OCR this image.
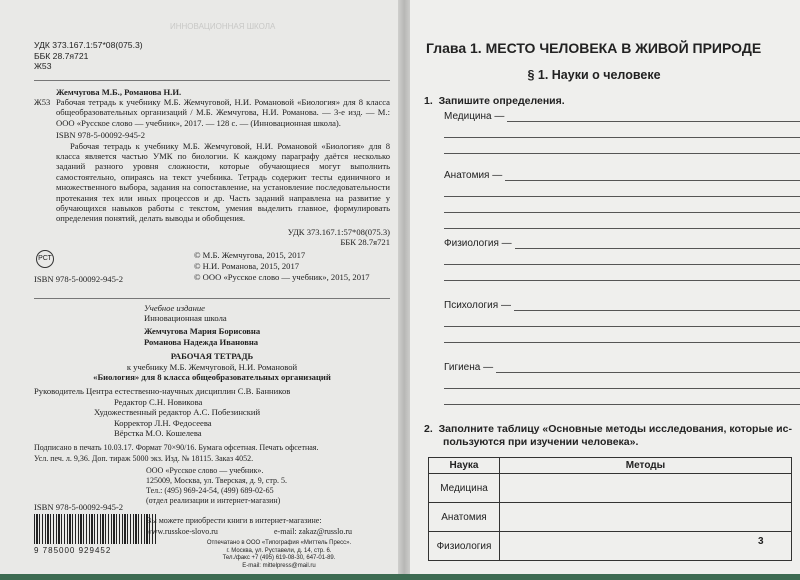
ИННОВАЦИОННАЯ ШКОЛА
УДК 373.167.1:57*08(075.3)
ББК 28.7я721
Ж53
Жемчугова М.Б., Романова Н.И.
Ж53 Рабочая тетрадь к учебнику М.Б. Жемчуговой, Н.И. Романовой «Биология» для 8 класса общеобразовательных организаций / М.Б. Жемчугова, Н.И. Романова. — 3-е изд. — М.: ООО «Русское слово — учебник», 2017. — 128 с. — (Инновационная школа).

ISBN 978-5-00092-945-2

Рабочая тетрадь к учебнику М.Б. Жемчуговой, Н.И. Романовой «Биология» для 8 класса является частью УМК по биологии. К каждому параграфу даётся несколько заданий разного уровня сложности, которые обучающиеся могут выполнить самостоятельно, опираясь на текст учебника. Тетрадь содержит тесты единичного и множественного выбора, задания на сопоставление, на установление последовательности протекания тех или иных процессов и др. Часть заданий направлена на развитие у обучающихся навыков работы с текстом, умения выделить главное, формулировать определения понятий, делать выводы и обобщения.

УДК 373.167.1:57*08(075.3)
ББК 28.7я721
РСТ
ISBN 978-5-00092-945-2
© М.Б. Жемчугова, 2015, 2017
© Н.И. Романова, 2015, 2017
© ООО «Русское слово — учебник», 2015, 2017
Учебное издание
Инновационная школа
Жемчугова Мария Борисовна
Романова Надежда Ивановна
РАБОЧАЯ ТЕТРАДЬ
к учебнику М.Б. Жемчуговой, Н.И. Романовой
«Биология» для 8 класса общеобразовательных организаций
Руководитель Центра естественно-научных дисциплин С.В. Банников
Редактор С.Н. Новикова
Художественный редактор А.С. Побезинский
Корректор Л.Н. Федосеева
Вёрстка М.О. Кошелева
Подписано в печать 10.03.17. Формат 70×90/16. Бумага офсетная. Печать офсетная.
Усл. печ. л. 9,36. Доп. тираж 5000 экз. Изд. № 18115. Заказ 4052.
ООО «Русское слово — учебник».
125009, Москва, ул. Тверская, д. 9, стр. 5.
Тел.: (495) 969-24-54, (499) 689-02-65
(отдел реализации и интернет-магазин)
ISBN 978-5-00092-945-2
Вы можете приобрести книги в интернет-магазине:
www.russkoe-slovo.ru	e-mail: zakaz@russlo.ru
9 785000 929452
Отпечатано в ООО «Типография «Миттель Пресс».
г. Москва, ул. Руставели, д. 14, стр. 6.
Тел./факс +7 (495) 619-08-30, 647-01-89.
E-mail: mittelpress@mail.ru
Глава 1. МЕСТО ЧЕЛОВЕКА В ЖИВОЙ ПРИРОДЕ
§ 1. Науки о человеке
1. Запишите определения.
Медицина —
Анатомия —
Физиология —
Психология —
Гигиена —
2. Заполните таблицу «Основные методы исследования, которые ис-
пользуются при изучении человека».
Наука	Методы
Медицина	
Анатомия	
Физиология		3
